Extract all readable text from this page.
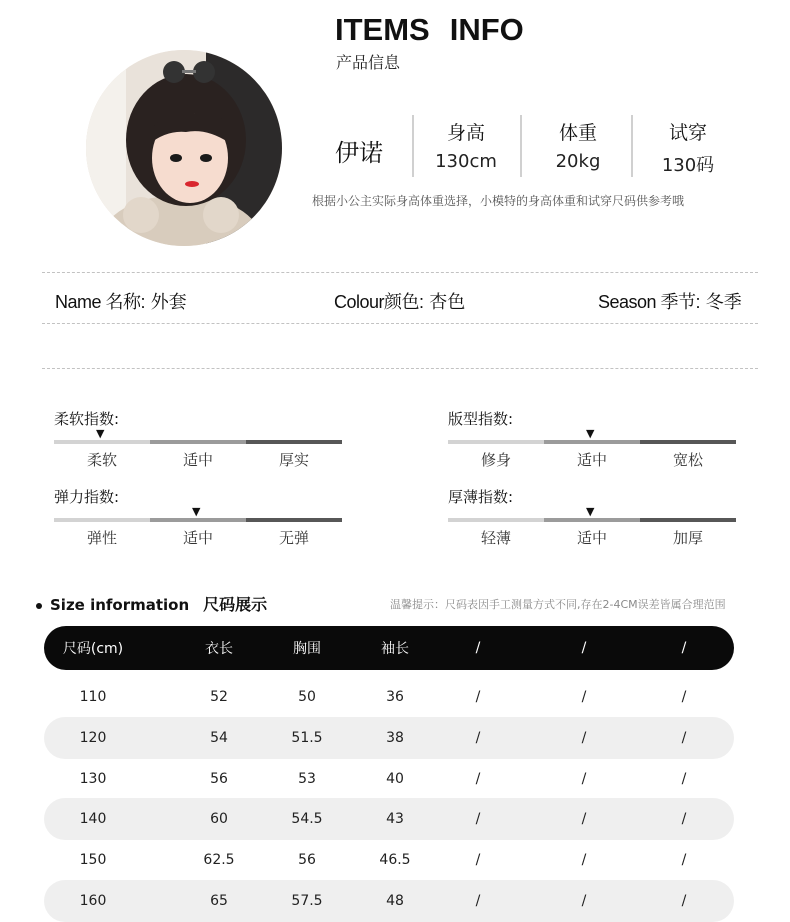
ITEMS INFO
产品信息
伊诺
身高
130cm
体重
20kg
试穿
130码
根据小公主实际身高体重选择，小模特的身高体重和试穿尺码供参考哦
Name 名称: 外套	Colour颜色: 杏色	Season 季节: 冬季
柔软指数:
▼
柔软	适中	厚实
版型指数:
▼
修身	适中	宽松
弹力指数:
▼
弹性	适中	无弹
厚薄指数:
▼
轻薄	适中	加厚
Size information 尺码展示	温馨提示：尺码表因手工测量方式不同,存在2-4CM误差皆属合理范围
尺码(cm)	衣长	胸围	袖长	/	/	/
110	52	50	36	/	/	/
120	54	51.5	38	/	/	/
130	56	53	40	/	/	/
140	60	54.5	43	/	/	/
150	62.5	56	46.5	/	/	/
160	65	57.5	48	/	/	/
